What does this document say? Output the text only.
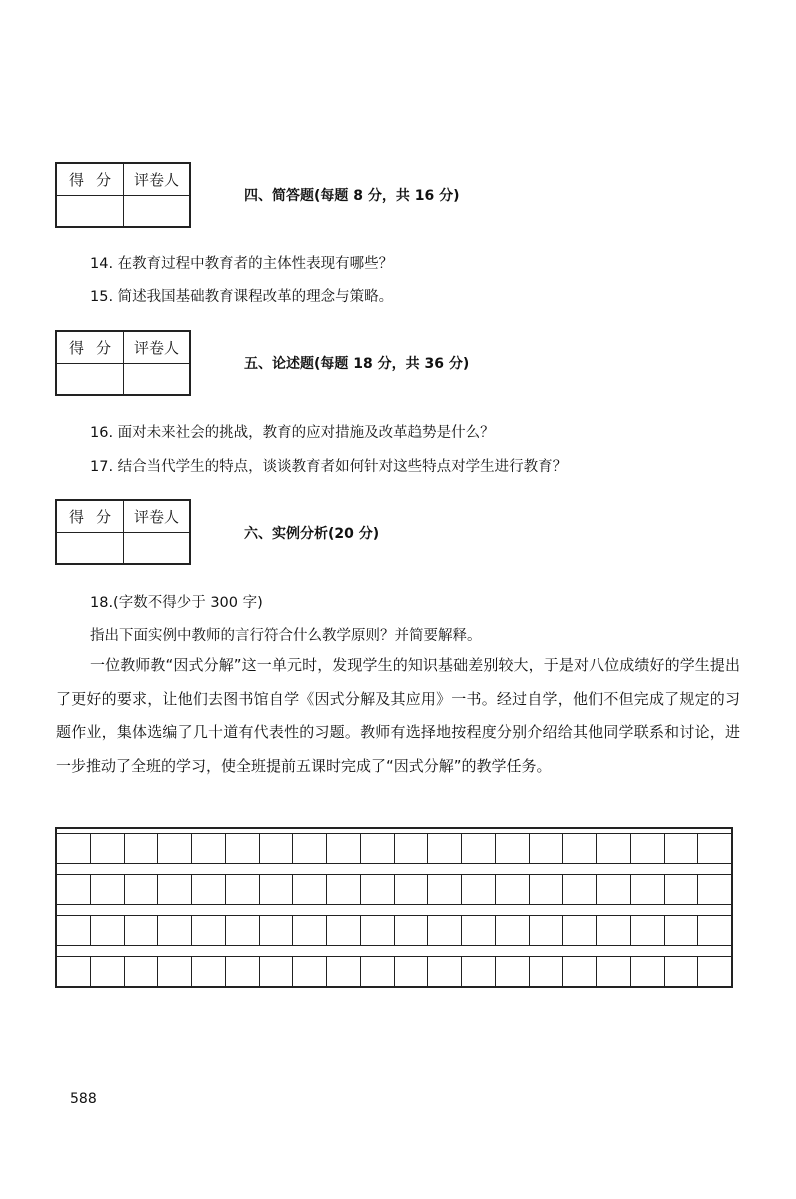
得分 评卷人
四、简答题(每题 8 分，共 16 分)
14. 在教育过程中教育者的主体性表现有哪些？
15. 简述我国基础教育课程改革的理念与策略。
得分 评卷人
五、论述题(每题 18 分，共 36 分)
16. 面对未来社会的挑战，教育的应对措施及改革趋势是什么？
17. 结合当代学生的特点，谈谈教育者如何针对这些特点对学生进行教育？
得分 评卷人
六、实例分析(20 分)
18.(字数不得少于 300 字)
指出下面实例中教师的言行符合什么教学原则？并简要解释。
一位教师教“因式分解”这一单元时，发现学生的知识基础差别较大，于是对八位成绩好的学生提出了更好的要求，让他们去图书馆自学《因式分解及其应用》一书。经过自学，他们不但完成了规定的习题作业，集体选编了几十道有代表性的习题。教师有选择地按程度分别介绍给其他同学联系和讨论，进一步推动了全班的学习，使全班提前五课时完成了“因式分解”的教学任务。
588
